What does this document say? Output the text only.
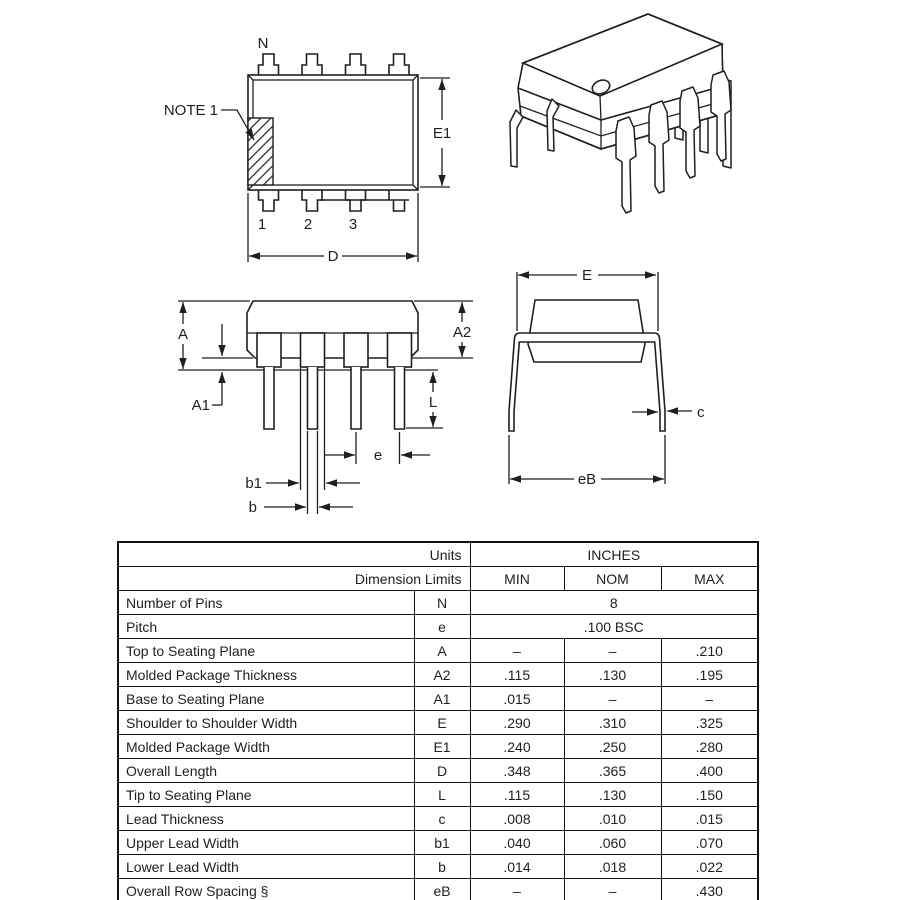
NOTE 1
N
1	2 3
E1
D
A
A1
A2
L
e
b1
b
E
c
eB
Units		INCHES		
Dimension Limits		MIN	NOM	MAX
Number of Pins	N	8		
Pitch	e	.100 BSC		
Top to Seating Plane	A	–	–	.210
Molded Package Thickness	A2	.115	.130	.195
Base to Seating Plane	A1	.015	–	–
Shoulder to Shoulder Width	E	.290	.310	.325
Molded Package Width	E1	.240	.250	.280
Overall Length	D	.348	.365	.400
Tip to Seating Plane	L	.115	.130	.150
Lead Thickness	c	.008	.010	.015
Upper Lead Width	b1	.040	.060	.070
Lower Lead Width	b	.014	.018	.022
Overall Row Spacing §	eB	–	–	.430
